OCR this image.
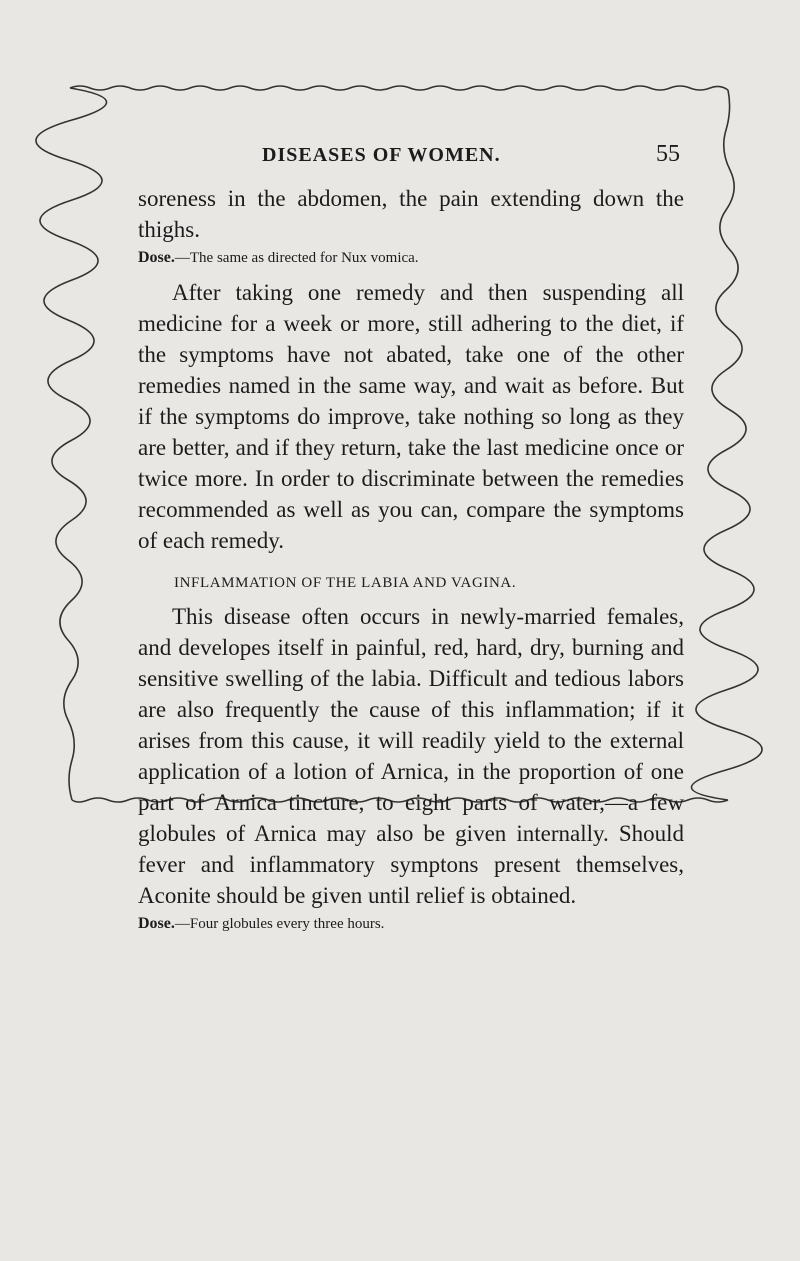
DISEASES OF WOMEN.	55

soreness in the abdomen, the pain extending down the thighs.

Dose.—The same as directed for Nux vomica.

After taking one remedy and then suspending all medicine for a week or more, still adhering to the diet, if the symptoms have not abated, take one of the other remedies named in the same way, and wait as before. But if the symptoms do improve, take nothing so long as they are better, and if they return, take the last medicine once or twice more. In order to discriminate between the remedies recommended as well as you can, compare the symptoms of each remedy.

INFLAMMATION OF THE LABIA AND VAGINA.

This disease often occurs in newly-married females, and developes itself in painful, red, hard, dry, burning and sensitive swelling of the labia. Difficult and tedious labors are also frequently the cause of this inflammation; if it arises from this cause, it will readily yield to the external application of a lotion of Arnica, in the proportion of one part of Arnica tincture, to eight parts of water,—a few globules of Arnica may also be given internally. Should fever and inflammatory symptons present themselves, Aconite should be given until relief is obtained.

Dose.—Four globules every three hours.
